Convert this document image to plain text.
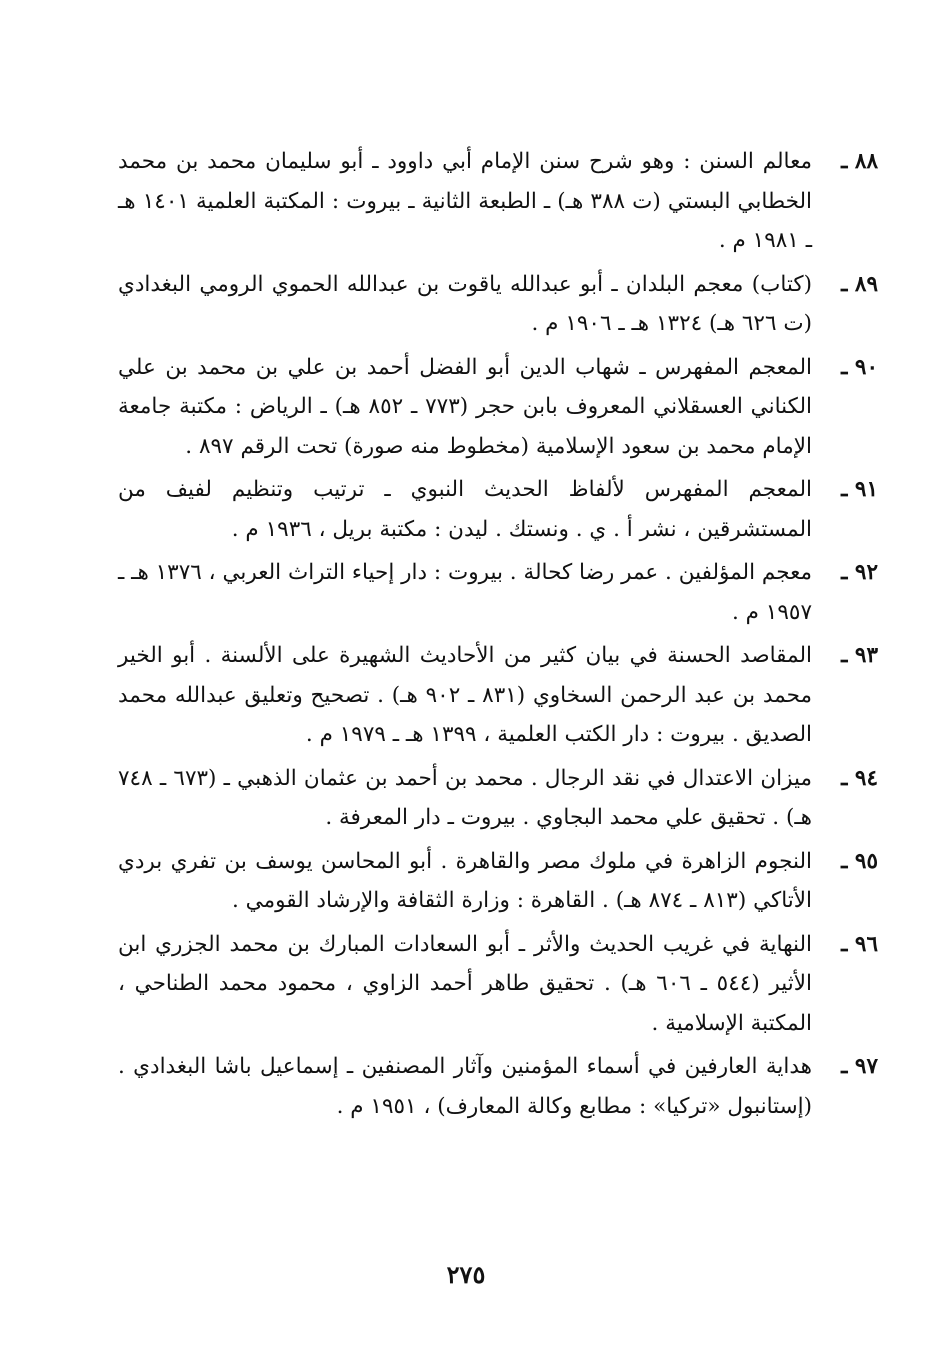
٨٨ ـ
معالم السنن : وهو شرح سنن الإمام أبي داوود ـ أبو سليمان محمد بن محمد الخطابي البستي (ت ٣٨٨ هـ) ـ الطبعة الثانية ـ بيروت : المكتبة العلمية ١٤٠١ هـ ـ ١٩٨١ م .
٨٩ ـ
(كتاب) معجم البلدان ـ أبو عبدالله ياقوت بن عبدالله الحموي الرومي البغدادي (ت ٦٢٦ هـ) ١٣٢٤ هـ ـ ١٩٠٦ م .
٩٠ ـ
المعجم المفهرس ـ شهاب الدين أبو الفضل أحمد بن علي بن محمد بن علي الكناني العسقلاني المعروف بابن حجر (٧٧٣ ـ ٨٥٢ هـ) ـ الرياض : مكتبة جامعة الإمام محمد بن سعود الإسلامية (مخطوط منه صورة) تحت الرقم ٨٩٧ .
٩١ ـ
المعجم المفهرس لألفاظ الحديث النبوي ـ ترتيب وتنظيم لفيف من المستشرقين ، نشر أ . ي . ونستك . ليدن : مكتبة بريل ، ١٩٣٦ م .
٩٢ ـ
معجم المؤلفين . عمر رضا كحالة . بيروت : دار إحياء التراث العربي ، ١٣٧٦ هـ ـ ١٩٥٧ م .
٩٣ ـ
المقاصد الحسنة في بيان كثير من الأحاديث الشهيرة على الألسنة . أبو الخير محمد بن عبد الرحمن السخاوي (٨٣١ ـ ٩٠٢ هـ) . تصحيح وتعليق عبدالله محمد الصديق . بيروت : دار الكتب العلمية ، ١٣٩٩ هـ ـ ١٩٧٩ م .
٩٤ ـ
ميزان الاعتدال في نقد الرجال . محمد بن أحمد بن عثمان الذهبي ـ (٦٧٣ ـ ٧٤٨ هـ) . تحقيق علي محمد البجاوي . بيروت ـ دار المعرفة .
٩٥ ـ
النجوم الزاهرة في ملوك مصر والقاهرة . أبو المحاسن يوسف بن تفري بردي الأتاكي (٨١٣ ـ ٨٧٤ هـ) . القاهرة : وزارة الثقافة والإرشاد القومي .
٩٦ ـ
النهاية في غريب الحديث والأثر ـ أبو السعادات المبارك بن محمد الجزري ابن الأثير (٥٤٤ ـ ٦٠٦ هـ) . تحقيق طاهر أحمد الزاوي ، محمود محمد الطناحي ، المكتبة الإسلامية .
٩٧ ـ
هداية العارفين في أسماء المؤمنين وآثار المصنفين ـ إسماعيل باشا البغدادي . (إستانبول «تركيا» : مطابع وكالة المعارف) ، ١٩٥١ م .
٢٧٥
